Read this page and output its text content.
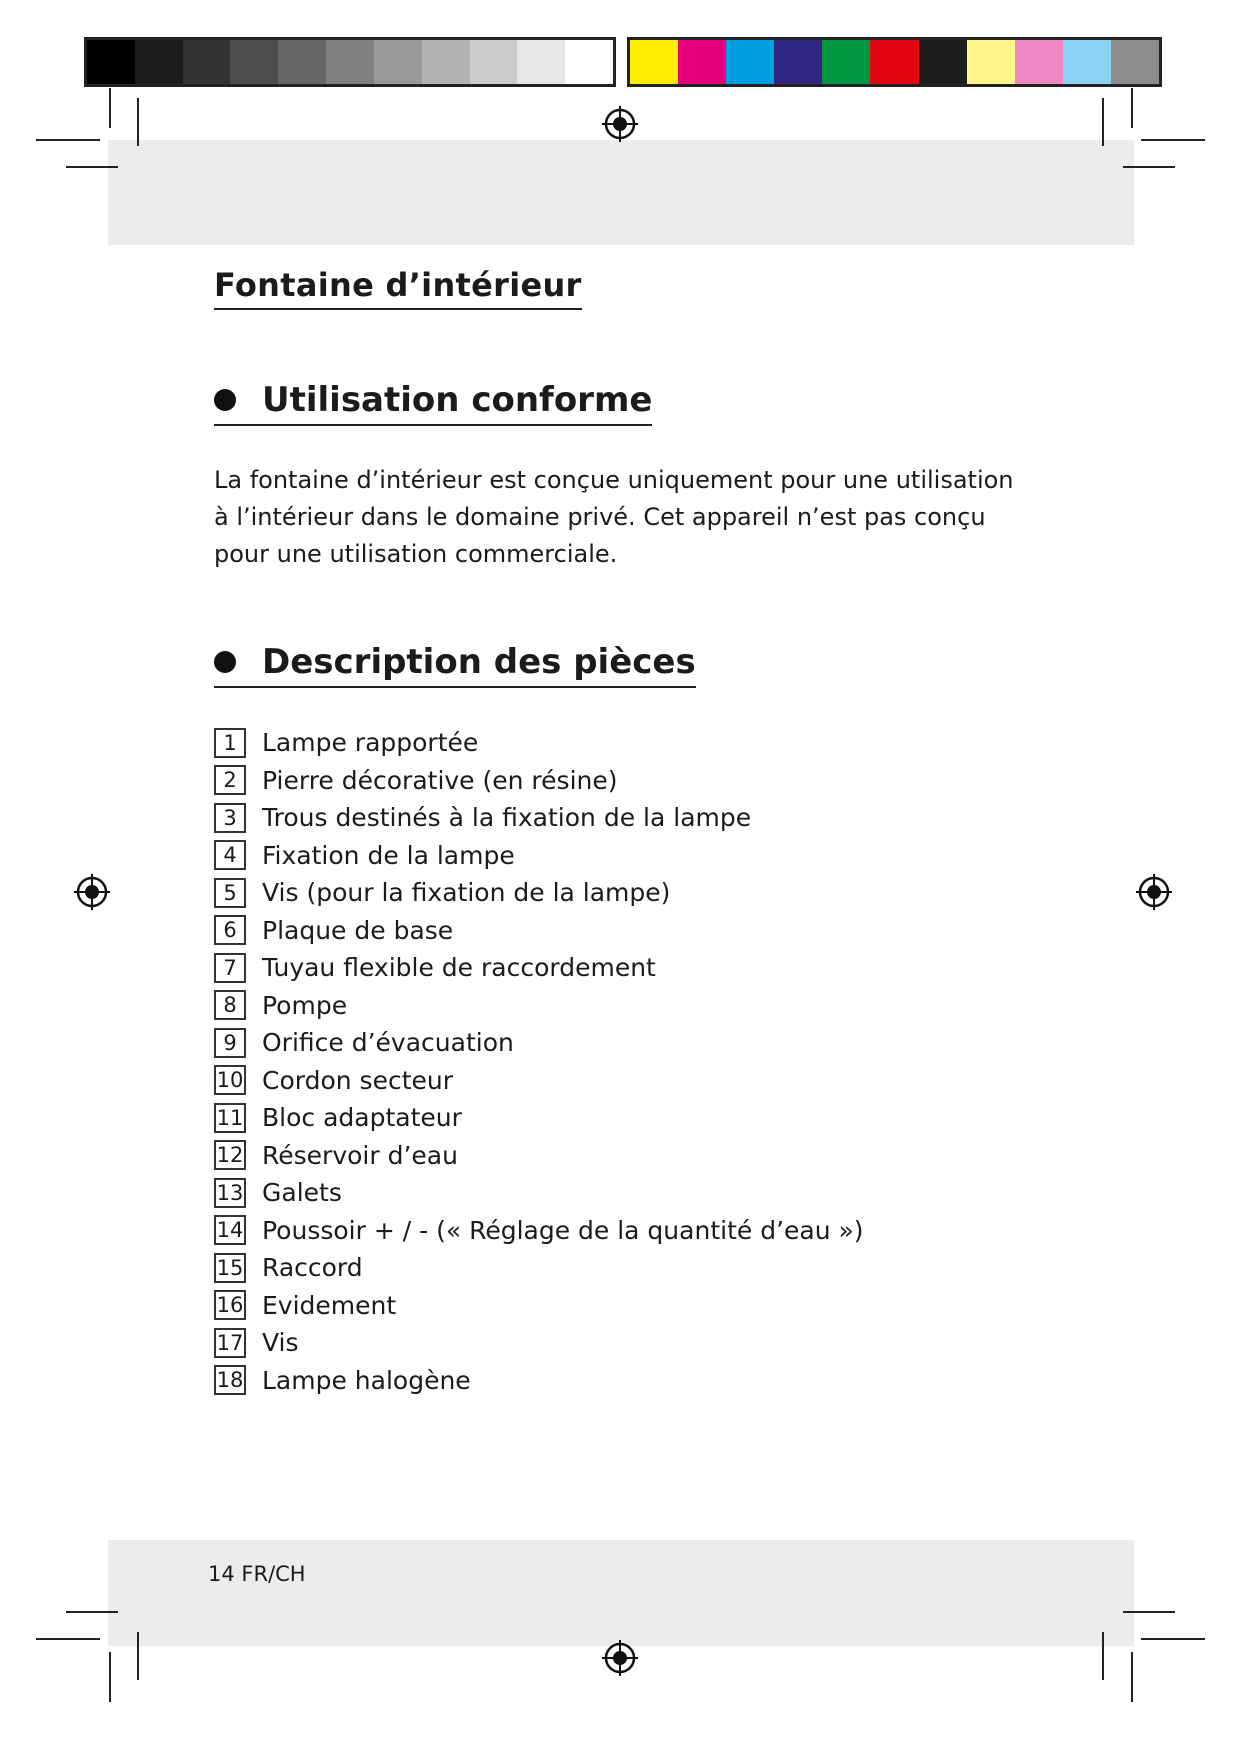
Fontaine d’intérieur
Utilisation conforme

La fontaine d’intérieur est conçue uniquement pour une utilisation à l’intérieur dans le domaine privé. Cet appareil n’est pas conçu pour une utilisation commerciale.

Description des pièces
1	Lampe rapportée
2	Pierre décorative (en résine)
3	Trous destinés à la fixation de la lampe
4	Fixation de la lampe
5	Vis (pour la fixation de la lampe)
6	Plaque de base
7	Tuyau flexible de raccordement
8	Pompe
9	Orifice d’évacuation
10 Cordon secteur
11 Bloc adaptateur
12 Réservoir d’eau
13 Galets
14 Poussoir + / - (« Réglage de la quantité d’eau »)
15 Raccord
16 Evidement
17 Vis
18 Lampe halogène
14 FR/CH
